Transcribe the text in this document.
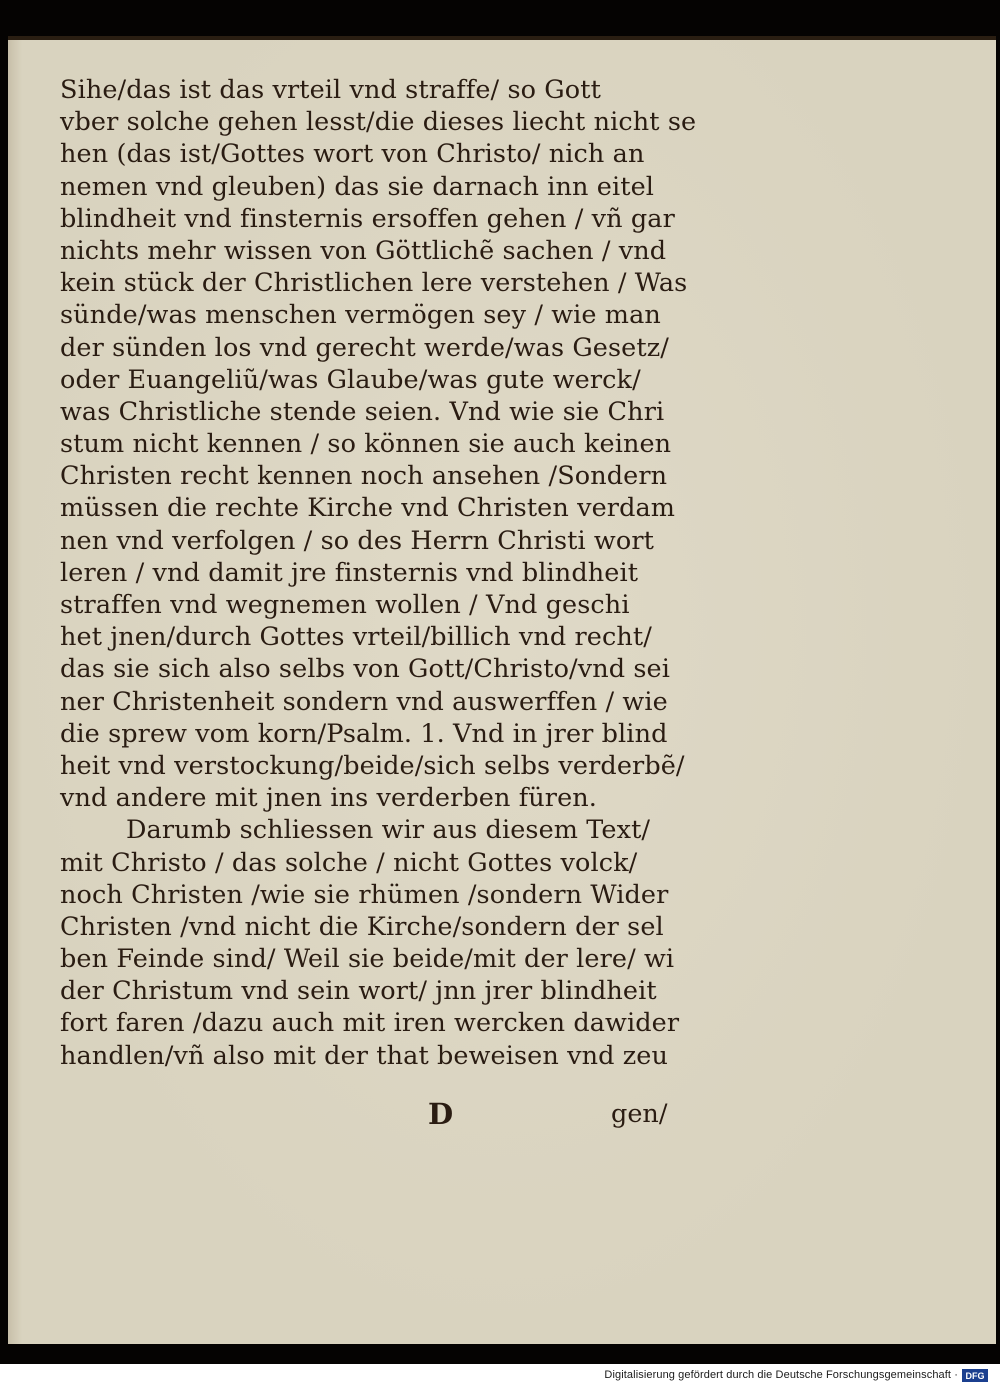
Sihe/das ist das vrteil vnd straffe/ so Gott
vber solche gehen lesst/die dieses liecht nicht se
hen (das ist/Gottes wort von Christo/ nich an
nemen vnd gleuben) das sie darnach inn eitel
blindheit vnd finsternis ersoffen gehen / vñ gar
nichts mehr wissen von Göttlichẽ sachen / vnd
kein stück der Christlichen lere verstehen / Was
sünde/was menschen vermögen sey / wie man
der sünden los vnd gerecht werde/was Gesetz/
oder Euangeliũ/was Glaube/was gute werck/
was Christliche stende seien. Vnd wie sie Chri
stum nicht kennen / so können sie auch keinen
Christen recht kennen noch ansehen /Sondern
müssen die rechte Kirche vnd Christen verdam
nen vnd verfolgen / so des Herrn Christi wort
leren / vnd damit jre finsternis vnd blindheit
straffen vnd wegnemen wollen / Vnd geschi
het jnen/durch Gottes vrteil/billich vnd recht/
das sie sich also selbs von Gott/Christo/vnd sei
ner Christenheit sondern vnd auswerffen / wie
die sprew vom korn/Psalm. 1. Vnd in jrer blind
heit vnd verstockung/beide/sich selbs verderbẽ/
vnd andere mit jnen ins verderben füren.
Darumb schliessen wir aus diesem Text/
mit Christo / das solche / nicht Gottes volck/
noch Christen /wie sie rhümen /sondern Wider
Christen /vnd nicht die Kirche/sondern der sel
ben Feinde sind/ Weil sie beide/mit der lere/ wi
der Christum vnd sein wort/ jnn jrer blindheit
fort faren /dazu auch mit iren wercken dawider
handlen/vñ also mit der that beweisen vnd zeu
D	gen/
Digitalisierung gefördert durch die Deutsche Forschungsgemeinschaft · DFG
